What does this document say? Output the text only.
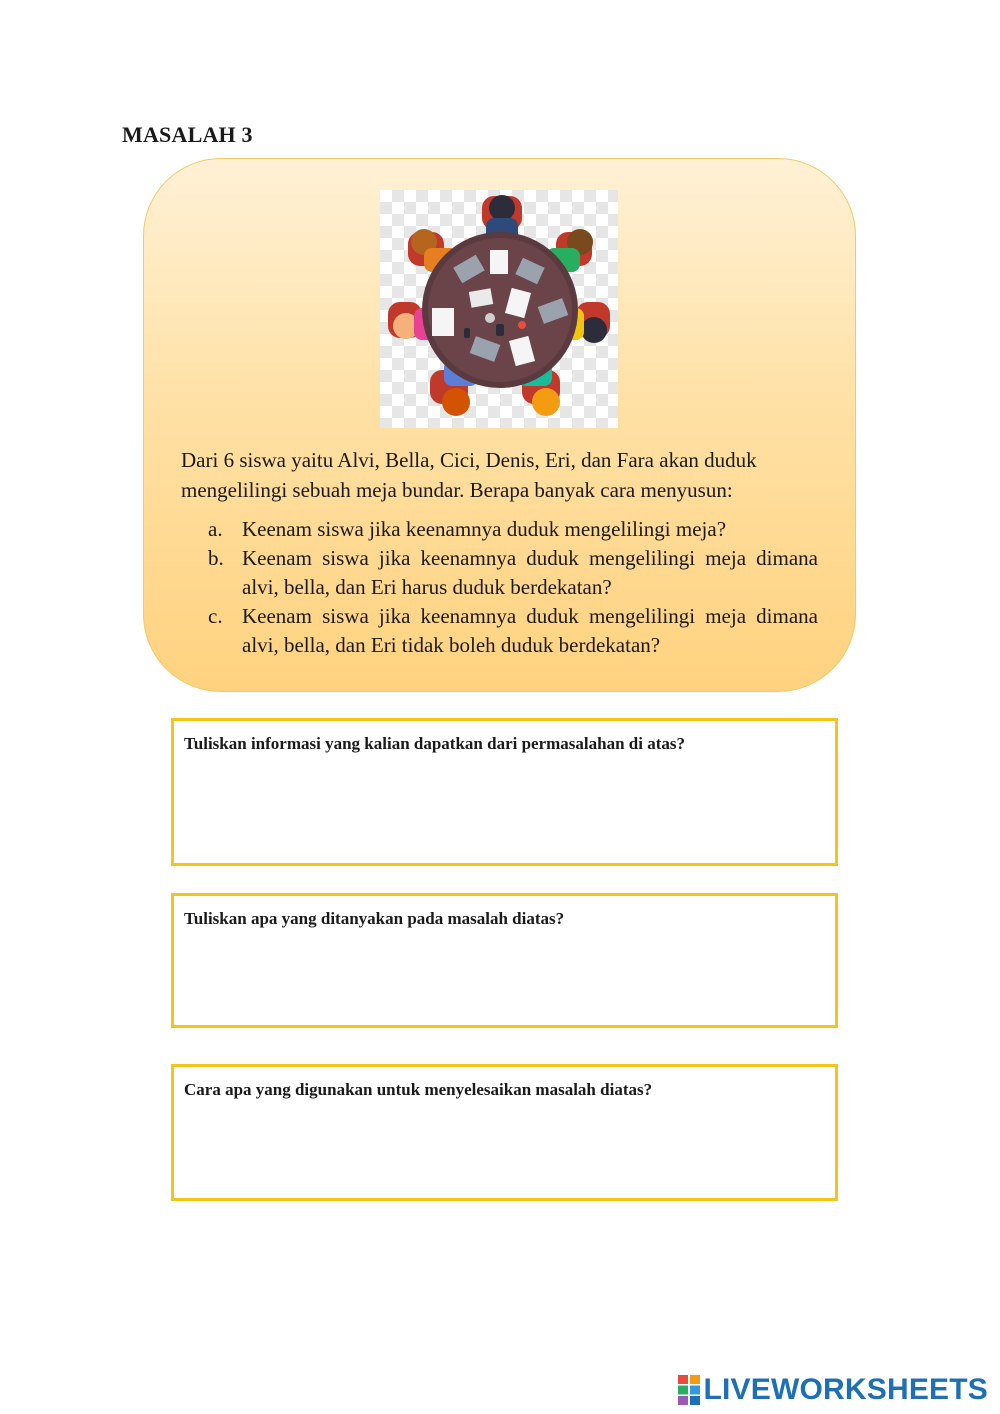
MASALAH 3

Dari 6 siswa yaitu Alvi, Bella, Cici, Denis, Eri, dan Fara akan duduk mengelilingi sebuah meja bundar. Berapa banyak cara menyusun:

a. Keenam siswa jika keenamnya duduk mengelilingi meja?
b. Keenam siswa jika keenamnya duduk mengelilingi meja dimana alvi, bella, dan Eri harus duduk berdekatan?
c. Keenam siswa jika keenamnya duduk mengelilingi meja dimana alvi, bella, dan Eri tidak boleh duduk berdekatan?
Tuliskan informasi yang kalian dapatkan dari permasalahan di atas?
Tuliskan apa yang ditanyakan pada masalah diatas?
Cara apa yang digunakan untuk menyelesaikan masalah diatas?
LIVEWORKSHEETS
